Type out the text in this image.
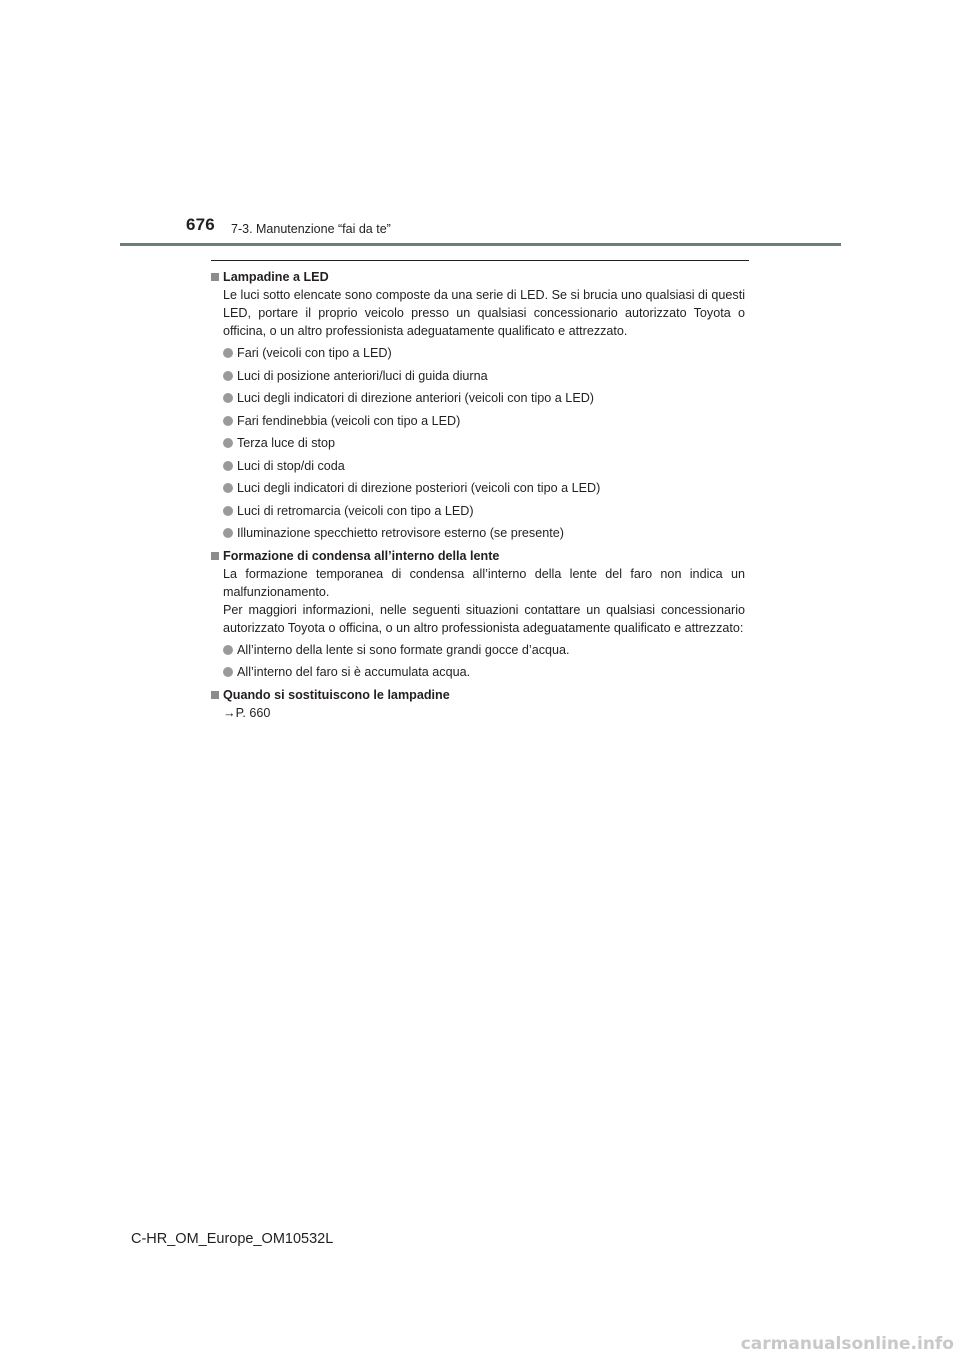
676 7-3. Manutenzione “fai da te”

Lampadine a LED

Le luci sotto elencate sono composte da una serie di LED. Se si brucia uno qualsiasi di questi LED, portare il proprio veicolo presso un qualsiasi concessionario autorizzato Toyota o officina, o un altro professionista adeguatamente qualificato e attrezzato.

Fari (veicoli con tipo a LED)
Luci di posizione anteriori/luci di guida diurna
Luci degli indicatori di direzione anteriori (veicoli con tipo a LED)
Fari fendinebbia (veicoli con tipo a LED)
Terza luce di stop
Luci di stop/di coda
Luci degli indicatori di direzione posteriori (veicoli con tipo a LED)
Luci di retromarcia (veicoli con tipo a LED)
Illuminazione specchietto retrovisore esterno (se presente)

Formazione di condensa all’interno della lente

La formazione temporanea di condensa all’interno della lente del faro non indica un malfunzionamento.
Per maggiori informazioni, nelle seguenti situazioni contattare un qualsiasi concessionario autorizzato Toyota o officina, o un altro professionista adeguatamente qualificato e attrezzato:

All’interno della lente si sono formate grandi gocce d’acqua.
All’interno del faro si è accumulata acqua.

Quando si sostituiscono le lampadine

→P. 660

C-HR_OM_Europe_OM10532L
carmanualsonline.info
